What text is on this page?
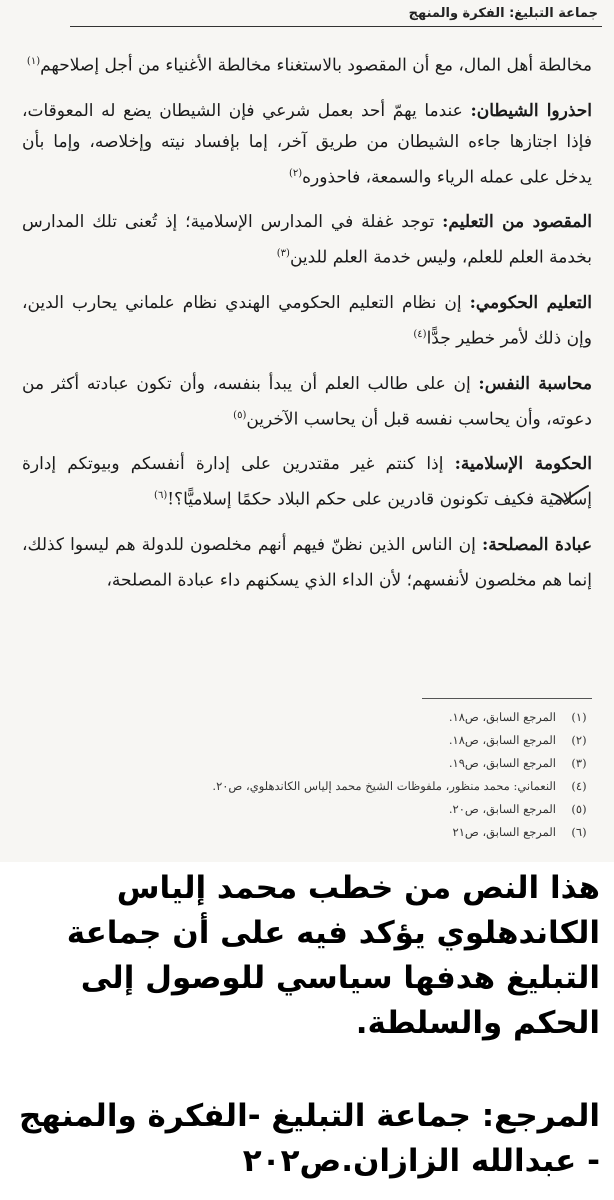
جماعة التبليغ: الفكرة والمنهج

مخالطة أهل المال، مع أن المقصود بالاستغناء مخالطة الأغنياء من أجل إصلاحهم$^{(١)}$

احذروا الشيطان: عندما يهمّ أحد بعمل شرعي فإن الشيطان يضع له المعوقات، فإذا اجتازها جاءه الشيطان من طريق آخر، إما بإفساد نيته وإخلاصه، وإما بأن يدخل على عمله الرياء والسمعة، فاحذوره$^{(٢)}$

المقصود من التعليم: توجد غفلة في المدارس الإسلامية؛ إذ تُعنى تلك المدارس بخدمة العلم للعلم، وليس خدمة العلم للدين$^{(٣)}$

التعليم الحكومي: إن نظام التعليم الحكومي الهندي نظام علماني يحارب الدين، وإن ذلك لأمر خطير جدًّا$^{(٤)}$

محاسبة النفس: إن على طالب العلم أن يبدأ بنفسه، وأن تكون عبادته أكثر من دعوته، وأن يحاسب نفسه قبل أن يحاسب الآخرين$^{(٥)}$

الحكومة الإسلامية: إذا كنتم غير مقتدرين على إدارة أنفسكم وبيوتكم إدارة إسلامية فكيف تكونون قادرين على حكم البلاد حكمًا إسلاميًّا؟!$^{(٦)}$

عبادة المصلحة: إن الناس الذين نظنّ فيهم أنهم مخلصون للدولة هم ليسوا كذلك، إنما هم مخلصون لأنفسهم؛ لأن الداء الذي يسكنهم داء عبادة المصلحة،

(١)
المرجع السابق، ص١٨.
(٢)
المرجع السابق، ص١٨.
(٣)
المرجع السابق، ص١٩.
(٤)
النعماني: محمد منظور، ملفوظات الشيخ محمد إلياس الكاندهلوي، ص٢٠.
(٥)
المرجع السابق، ص٢٠.
(٦)
المرجع السابق، ص٢١
هذا النص من خطب محمد إلياس الكاندهلوي يؤكد فيه على أن جماعة التبليغ هدفها سياسي للوصول إلى الحكم والسلطة.
المرجع: جماعة التبليغ -الفكرة والمنهج - عبدالله الزازان.ص٢٠٢
